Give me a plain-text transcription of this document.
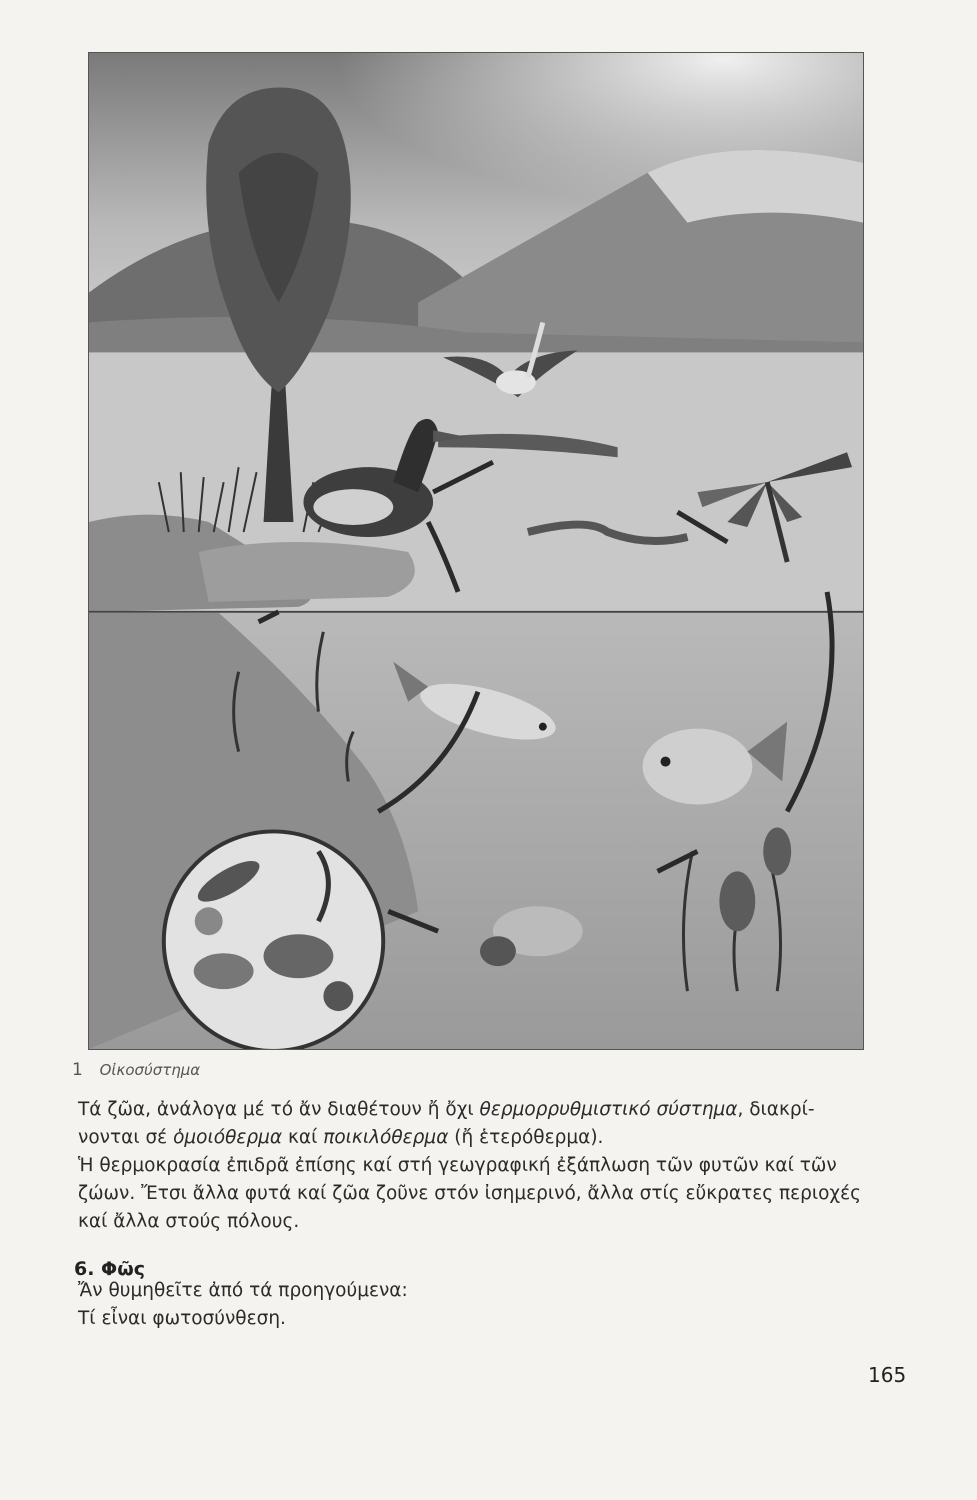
1 Οἰκοσύστημα
Τά ζῶα, ἀνάλογα μέ τό ἄν διαθέτουν ἤ ὄχι θερμορρυθμιστικό σύστημα, διακρί-
νονται σέ ὁμοιόθερμα καί ποικιλόθερμα (ἤ ἑτερόθερμα).
Ἡ θερμοκρασία ἐπιδρᾶ ἐπίσης καί στή γεωγραφική ἐξάπλωση τῶν φυτῶν καί τῶν
ζώων. Ἔτσι ἄλλα φυτά καί ζῶα ζοῦνε στόν ἰσημερινό, ἄλλα στίς εὔκρατες περιοχές
καί ἄλλα στούς πόλους.
6. Φῶς
Ἄν θυμηθεῖτε ἀπό τά προηγούμενα:
Τί εἶναι φωτοσύνθεση.
165
